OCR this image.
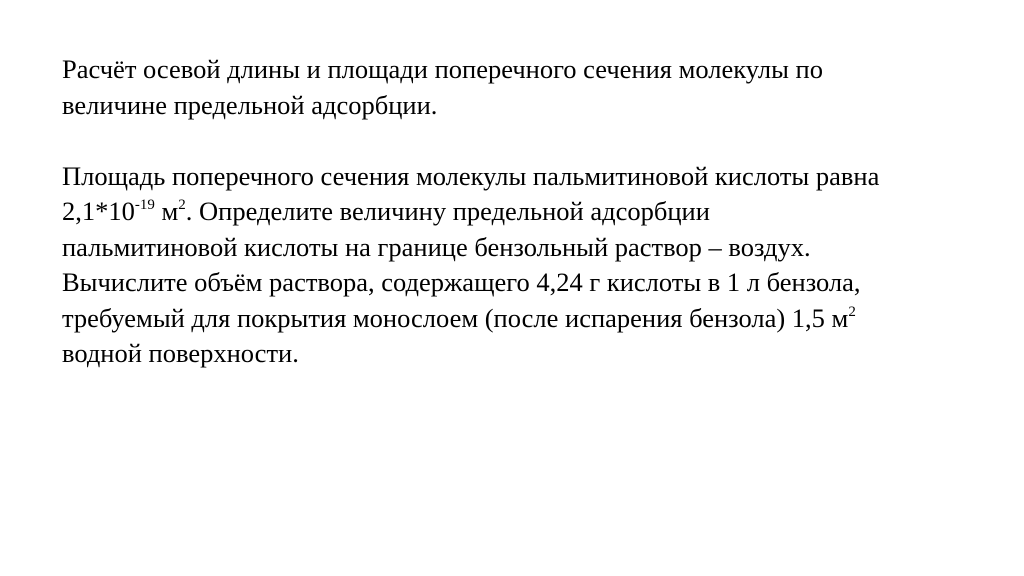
Расчёт осевой длины и площади поперечного сечения молекулы по
величине предельной адсорбции.
Площадь поперечного сечения молекулы пальмитиновой кислоты равна
$2,1*10^{-19}$ $м^2$. Определите величину предельной адсорбции
пальмитиновой кислоты на границе бензольный раствор – воздух.
Вычислите объём раствора, содержащего 4,24 г кислоты в 1 л бензола,
требуемый для покрытия монослоем (после испарения бензола) 1,5 $м^2$
водной поверхности.
